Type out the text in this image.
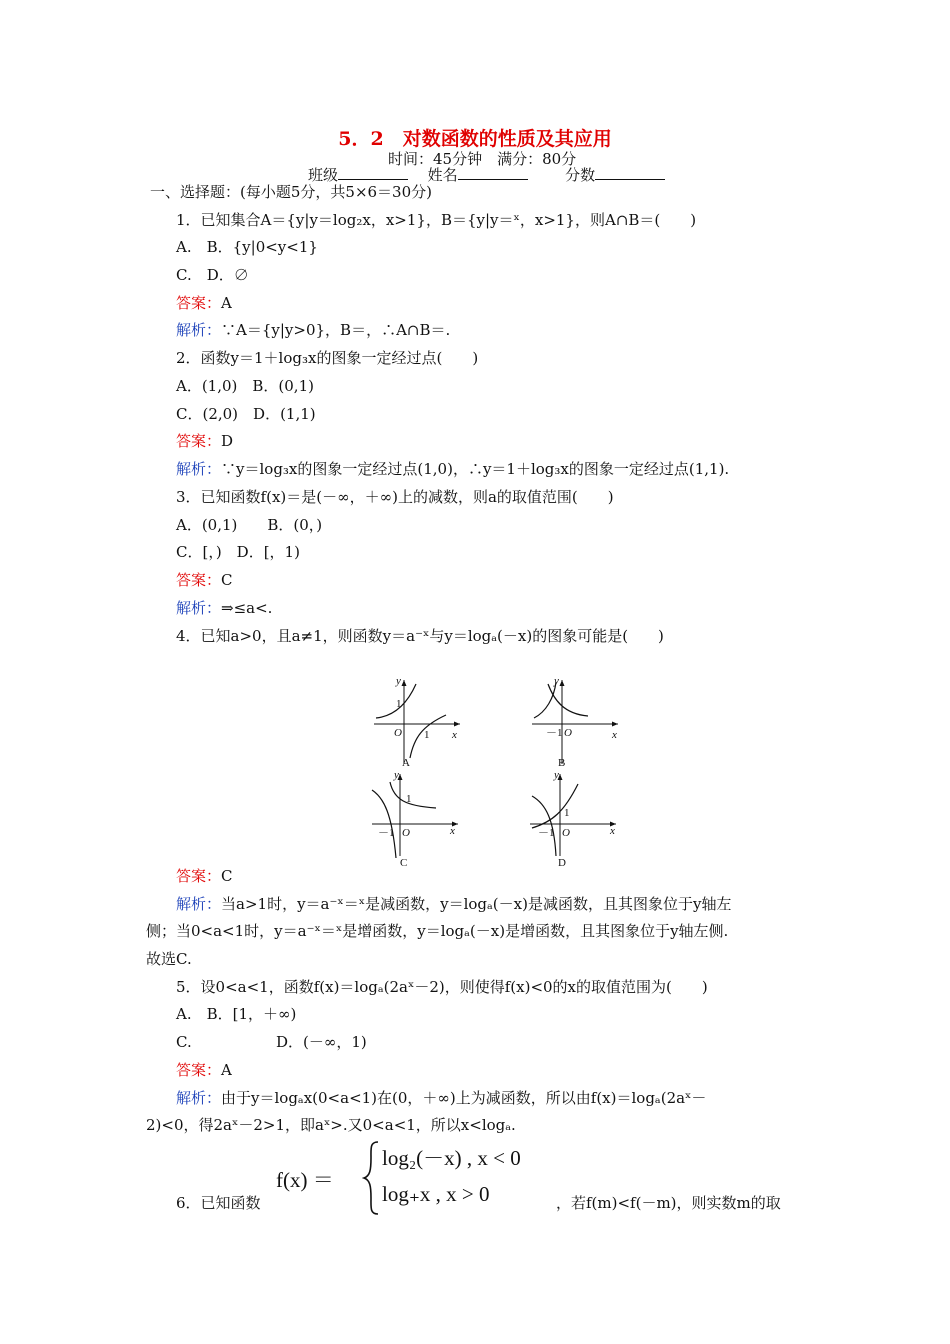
5．2　对数函数的性质及其应用
时间：45分钟　满分：80分
班级	姓名	分数
一、选择题：(每小题5分，共5×6＝30分)
1．已知集合A＝{y|y＝log₂x，x>1}，B＝{y|y＝ˣ，x>1}，则A∩B＝(　　)
A.　B．{y|0<y<1}
C.　D．∅
答案：A
解析：∵A＝{y|y>0}，B＝，∴A∩B＝.
2．函数y＝1＋log₃x的图象一定经过点(　　)
A．(1,0)　B．(0,1)
C．(2,0)　D．(1,1)
答案：D
解析：∵y＝log₃x的图象一定经过点(1,0)，∴y＝1＋log₃x的图象一定经过点(1,1).
3．已知函数f(x)＝是(－∞，＋∞)上的减数，则a的取值范围(　　)
A．(0,1)　　B．(0，)
C．[，)　D．[，1)
答案：C
解析：⇒≤a<.
4．已知a>0，且a≠1，则函数y＝a⁻ˣ与y＝logₐ(－x)的图象可能是(　　)
y
x
O
1
1
A
y
x
O
－1
B
y
x
O
1
－1
C
y
x
O
1
－1
D
答案：C
解析：当a>1时，y＝a⁻ˣ＝ˣ是减函数，y＝logₐ(－x)是减函数，且其图象位于y轴左
侧；当0<a<1时，y＝a⁻ˣ＝ˣ是增函数，y＝logₐ(－x)是增函数，且其图象位于y轴左侧.
故选C.
5．设0<a<1，函数f(x)＝logₐ(2aˣ－2)，则使得f(x)<0的x的取值范围为(　　)
A.　B．[1，＋∞)
C.	D．(－∞，1)
答案：A
解析：由于y＝logₐx(0<a<1)在(0，＋∞)上为减函数，所以由f(x)＝logₐ(2aˣ－
2)<0，得2aˣ－2>1，即aˣ>.又0<a<1，所以x<logₐ.
f(x) ＝
log₂(－x) , x < 0
log₊x , x > 0
6．已知函数	，若f(m)<f(－m)，则实数m的取
